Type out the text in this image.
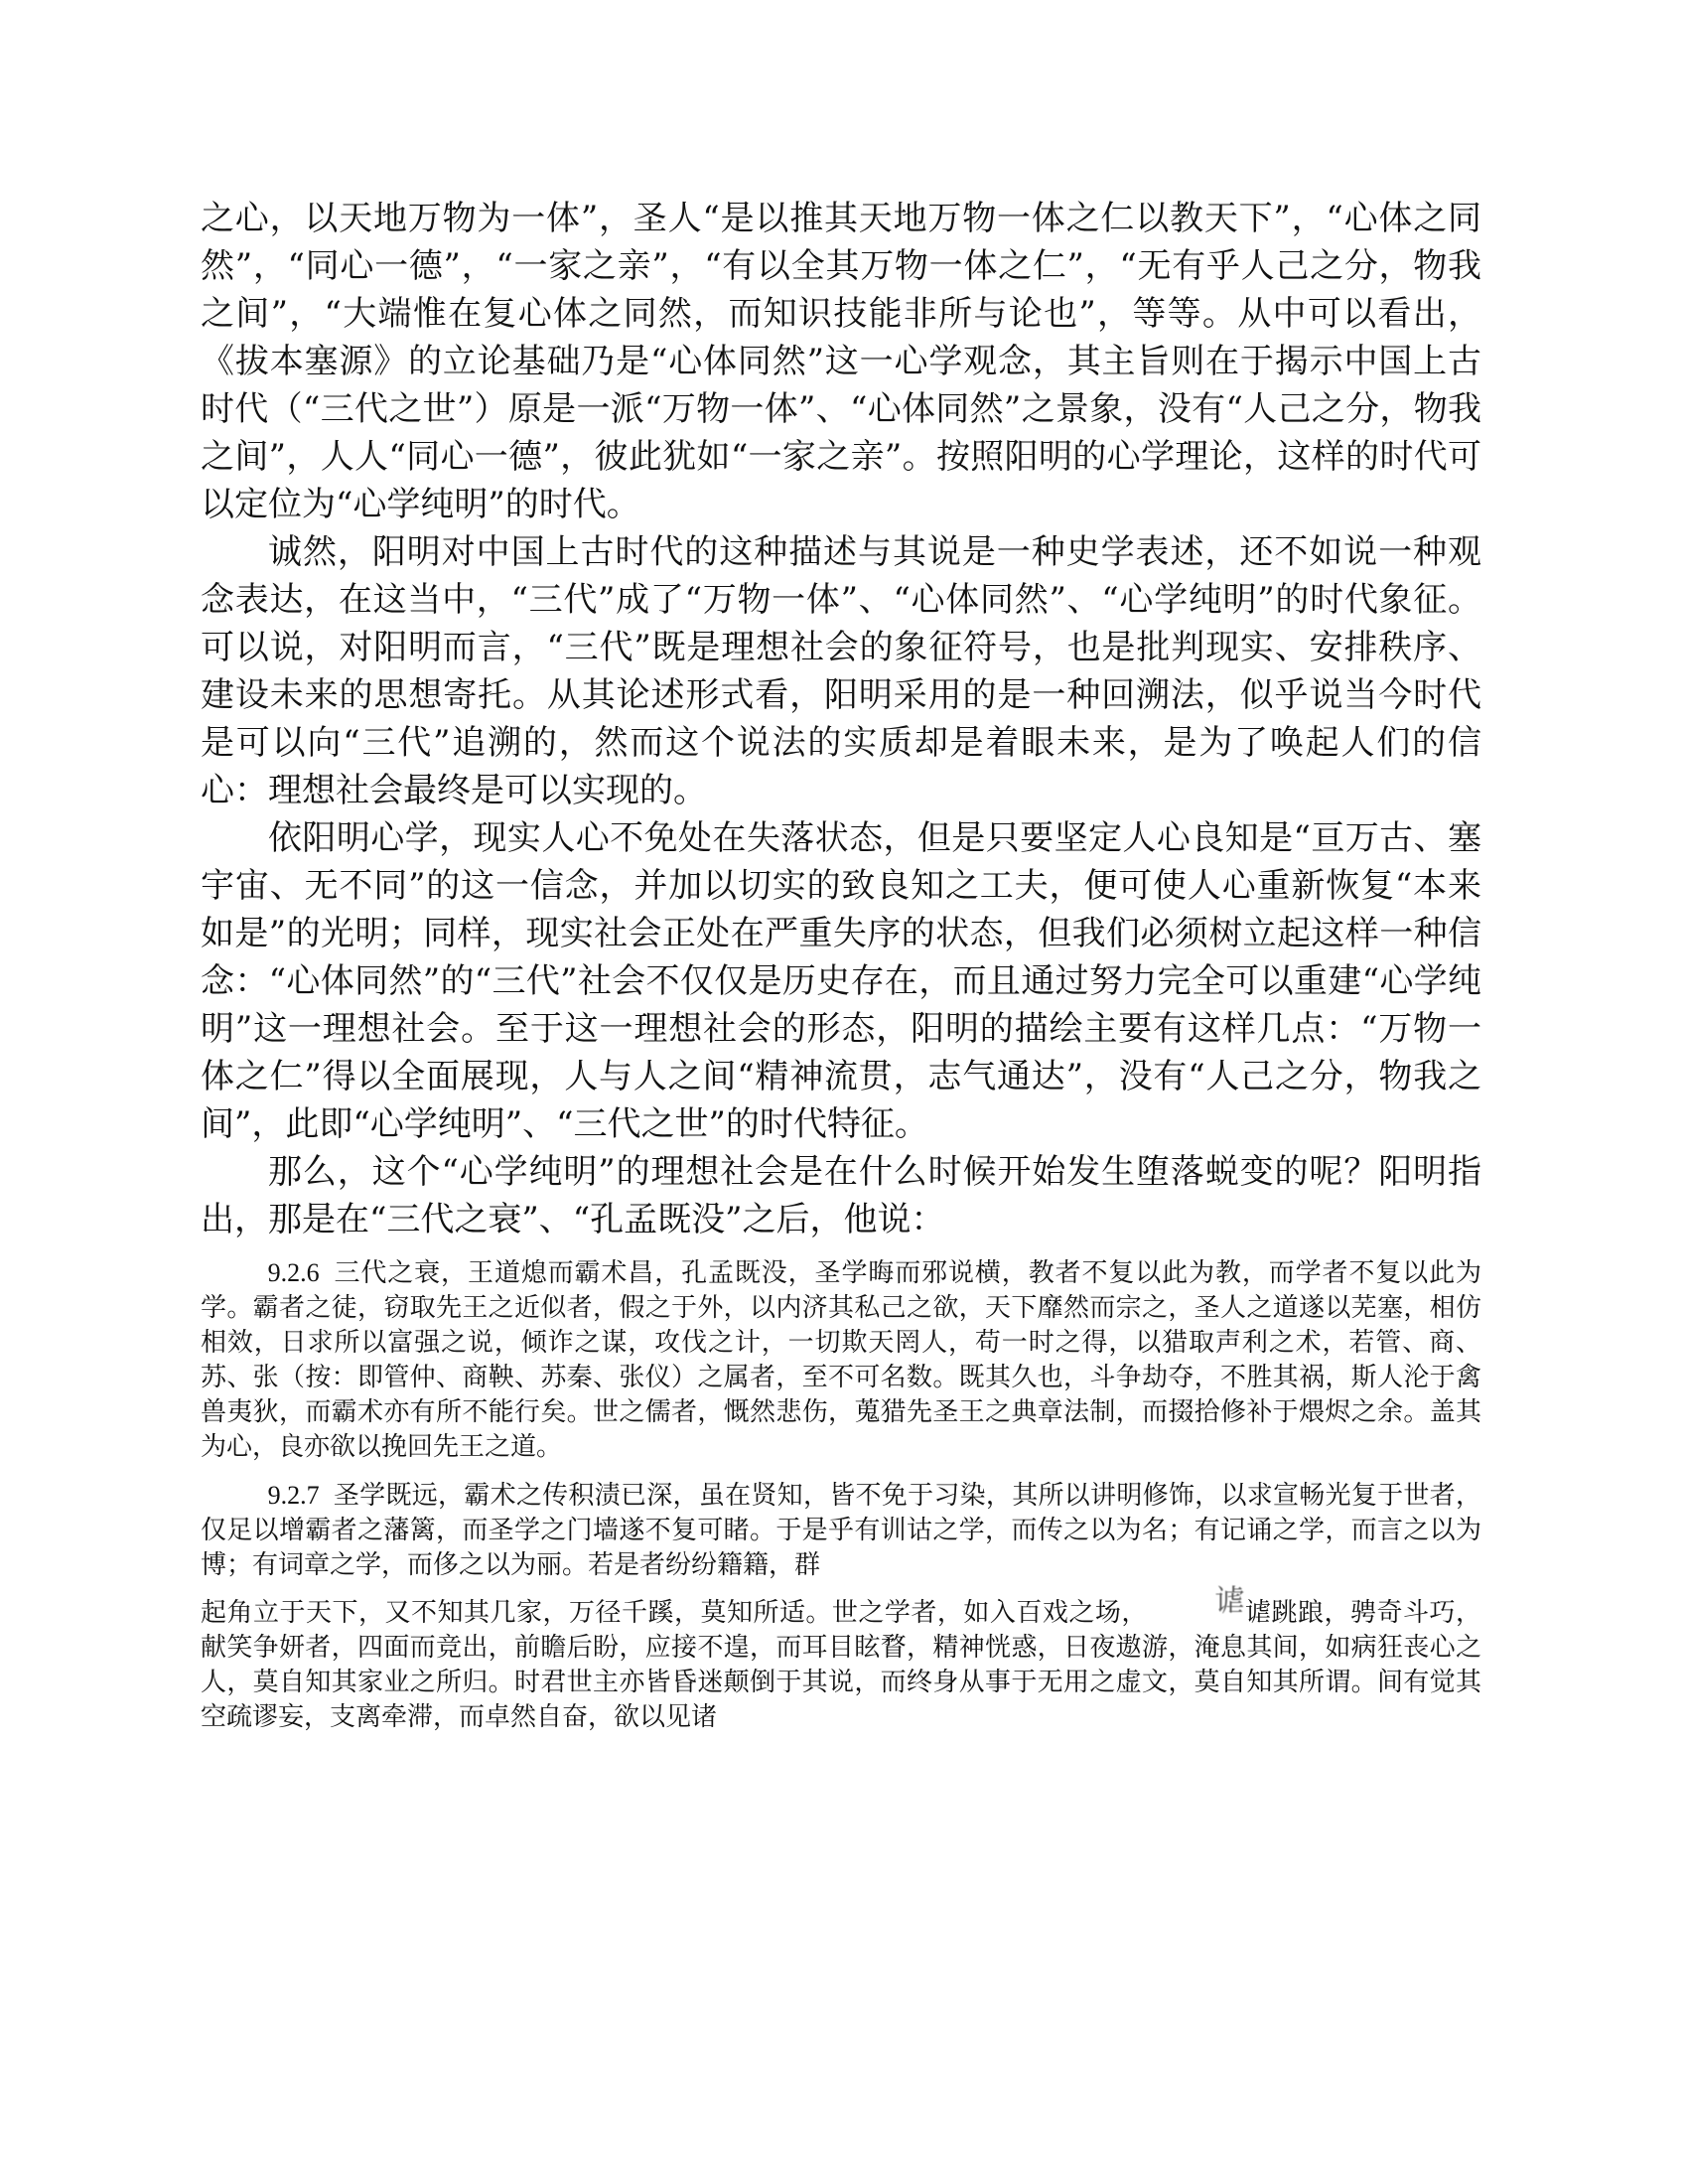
之心，以天地万物为一体”，圣人“是以推其天地万物一体之仁以教天下”，“心体之同然”，“同心一德”，“一家之亲”，“有以全其万物一体之仁”，“无有乎人己之分，物我之间”，“大端惟在复心体之同然，而知识技能非所与论也”，等等。从中可以看出，《拔本塞源》的立论基础乃是“心体同然”这一心学观念，其主旨则在于揭示中国上古时代（“三代之世”）原是一派“万物一体”、“心体同然”之景象，没有“人己之分，物我之间”，人人“同心一德”，彼此犹如“一家之亲”。按照阳明的心学理论，这样的时代可以定位为“心学纯明”的时代。

诚然，阳明对中国上古时代的这种描述与其说是一种史学表述，还不如说一种观念表达，在这当中，“三代”成了“万物一体”、“心体同然”、“心学纯明”的时代象征。可以说，对阳明而言，“三代”既是理想社会的象征符号，也是批判现实、安排秩序、建设未来的思想寄托。从其论述形式看，阳明采用的是一种回溯法，似乎说当今时代是可以向“三代”追溯的，然而这个说法的实质却是着眼未来，是为了唤起人们的信心：理想社会最终是可以实现的。

依阳明心学，现实人心不免处在失落状态，但是只要坚定人心良知是“亘万古、塞宇宙、无不同”的这一信念，并加以切实的致良知之工夫，便可使人心重新恢复“本来如是”的光明；同样，现实社会正处在严重失序的状态，但我们必须树立起这样一种信念：“心体同然”的“三代”社会不仅仅是历史存在，而且通过努力完全可以重建“心学纯明”这一理想社会。至于这一理想社会的形态，阳明的描绘主要有这样几点：“万物一体之仁”得以全面展现，人与人之间“精神流贯，志气通达”，没有“人己之分，物我之间”，此即“心学纯明”、“三代之世”的时代特征。

那么，这个“心学纯明”的理想社会是在什么时候开始发生堕落蜕变的呢？阳明指出，那是在“三代之衰”、“孔孟既没”之后，他说：

9.2.6 三代之衰，王道熄而霸术昌，孔孟既没，圣学晦而邪说横，教者不复以此为教，而学者不复以此为学。霸者之徒，窃取先王之近似者，假之于外，以内济其私己之欲，天下靡然而宗之，圣人之道遂以芜塞，相仿相效，日求所以富强之说，倾诈之谋，攻伐之计，一切欺天罔人，苟一时之得，以猎取声利之术，若管、商、苏、张（按：即管仲、商鞅、苏秦、张仪）之属者，至不可名数。既其久也，斗争劫夺，不胜其祸，斯人沦于禽兽夷狄，而霸术亦有所不能行矣。世之儒者，慨然悲伤，蒐猎先圣王之典章法制，而掇拾修补于煨烬之余。盖其为心，良亦欲以挽回先王之道。

9.2.7 圣学既远，霸术之传积渍已深，虽在贤知，皆不免于习染，其所以讲明修饰，以求宣畅光复于世者，仅足以增霸者之藩篱，而圣学之门墙遂不复可睹。于是乎有训诂之学，而传之以为名；有记诵之学，而言之以为博；有词章之学，而侈之以为丽。若是者纷纷籍籍，群
起角立于天下，又不知其几家，万径千蹊，莫知所适。世之学者，如入百戏之场， 谑谑跳踉，骋奇斗巧，献笑争妍者，四面而竞出，前瞻后盼，应接不遑，而耳目眩瞀，精神恍惑，日夜遨游，淹息其间，如病狂丧心之人，莫自知其家业之所归。时君世主亦皆昏迷颠倒于其说，而终身从事于无用之虚文，莫自知其所谓。间有觉其空疏谬妄，支离牵滞，而卓然自奋，欲以见诸
